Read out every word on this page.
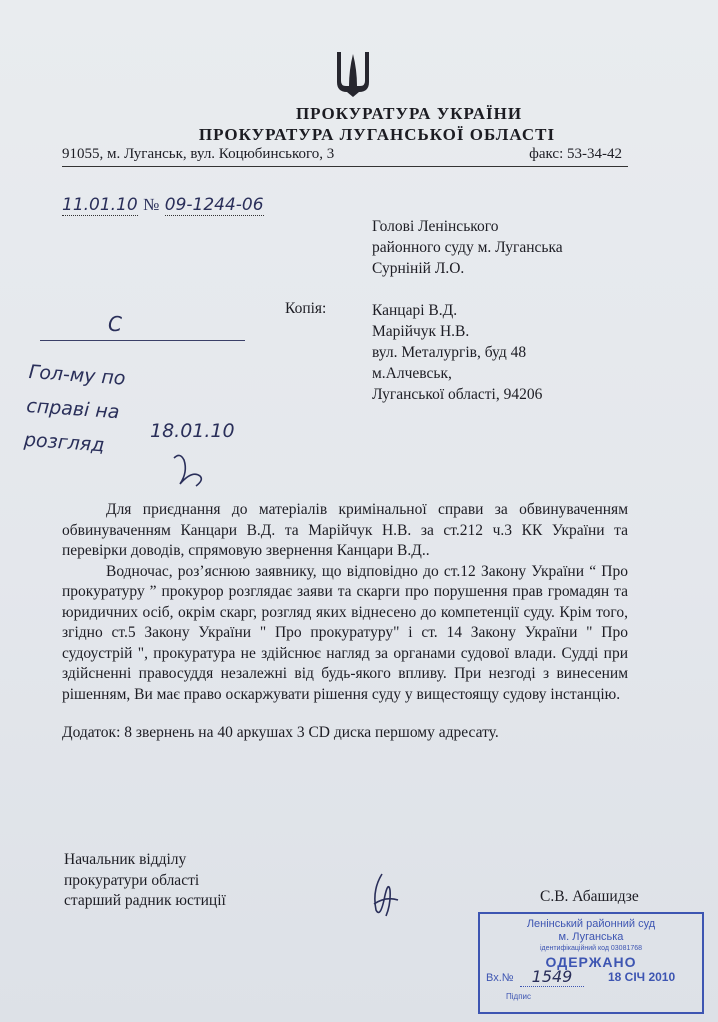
ПРОКУРАТУРА УКРАЇНИ
ПРОКУРАТУРА ЛУГАНСЬКОЇ ОБЛАСТІ
91055, м. Луганськ, вул. Коцюбинського, 3	факс: 53-34-42
11.01.10 № 09-1244-06
Голові Ленінського
районного суду м. Луганська
Сурніній Л.О.
Копія:	Канцарі В.Д.
Марійчук Н.В.
вул. Металургів, буд 48
м.Алчевськ,
Луганської області, 94206
С
Гол-му по
справі на
розгляд	18.01.10

Для приєднання до матеріалів кримінальної справи за обвинуваченням обвинуваченням Канцари В.Д. та Марійчук Н.В. за ст.212 ч.3 КК України та перевірки доводів, спрямовую звернення Канцари В.Д..

Водночас, роз’яснюю заявнику, що відповідно до ст.12 Закону України “ Про прокуратуру ” прокурор розглядає заяви та скарги про порушення прав громадян та юридичних осіб, окрім скарг, розгляд яких віднесено до компетенції суду. Крім того, згідно ст.5 Закону України " Про прокуратуру" і ст. 14 Закону України " Про судоустрій ", прокуратура не здійснює нагляд за органами судової влади. Судді при здійсненні правосуддя незалежні від будь-якого впливу. При незгоді з винесеним рішенням, Ви має право оскаржувати рішення суду у вищестоящу судову інстанцію.

Додаток: 8 звернень на 40 аркушах 3 CD диска першому адресату.

Начальник відділу
прокуратури області
старший радник юстиції	С.В. Абашидзе
Ленінський районний суд
м. Луганська
ідентифікаційний код 03081768
ОДЕРЖАНО
Вх.№	1549	18 СІЧ 2010
Підпис
